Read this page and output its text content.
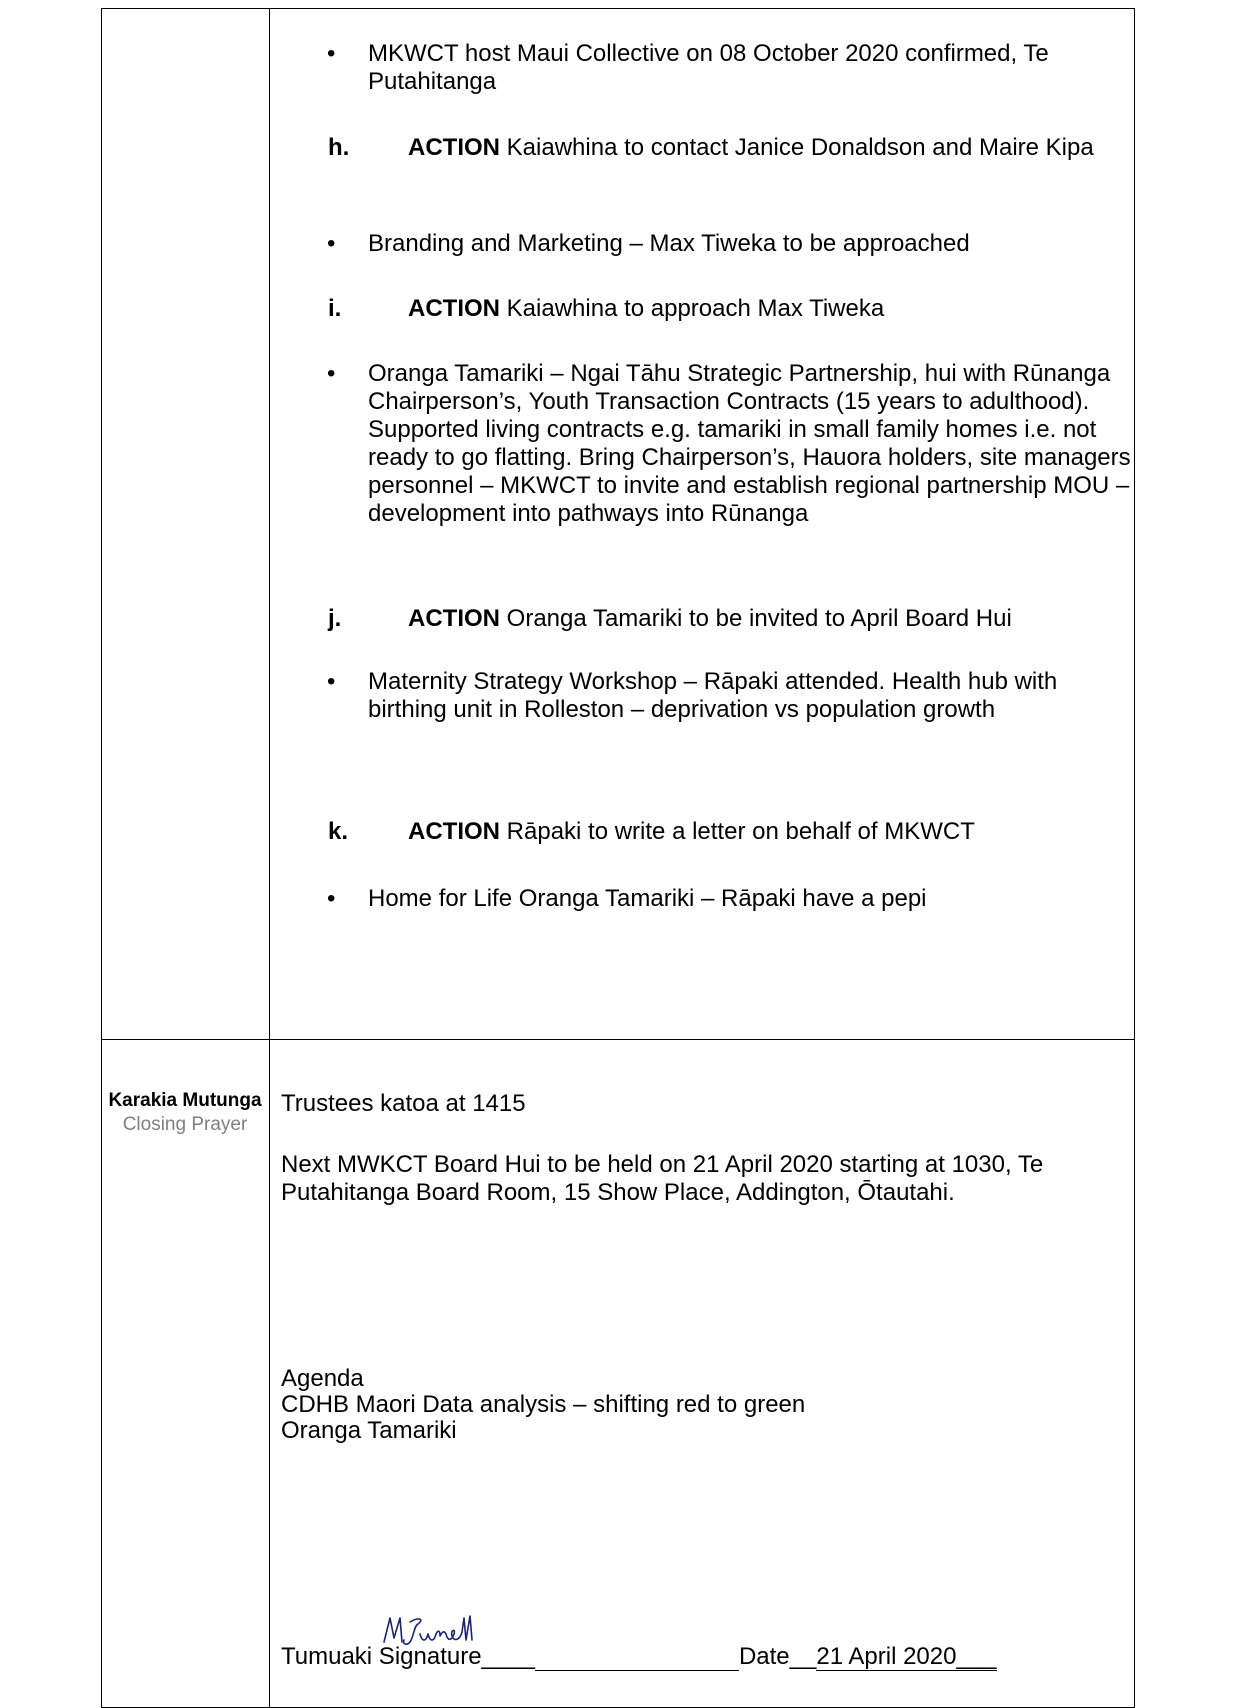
• MKWCT host Maui Collective on 08 October 2020 confirmed, Te Putahitanga
h. ACTION Kaiawhina to contact Janice Donaldson and Maire Kipa
• Branding and Marketing – Max Tiweka to be approached
i.	ACTION Kaiawhina to approach Max Tiweka
• Oranga Tamariki – Ngai Tāhu Strategic Partnership, hui with Rūnanga Chairperson’s, Youth Transaction Contracts (15 years to adulthood). Supported living contracts e.g. tamariki in small family homes i.e. not ready to go flatting. Bring Chairperson’s, Hauora holders, site managers personnel – MKWCT to invite and establish regional partnership MOU – development into pathways into Rūnanga
j.	ACTION Oranga Tamariki to be invited to April Board Hui
• Maternity Strategy Workshop – Rāpaki attended. Health hub with birthing unit in Rolleston – deprivation vs population growth
k. ACTION Rāpaki to write a letter on behalf of MKWCT
• Home for Life Oranga Tamariki – Rāpaki have a pepi
Karakia Mutunga
Closing Prayer
Trustees katoa at 1415
Next MWKCT Board Hui to be held on 21 April 2020 starting at 1030, Te Putahitanga Board Room, 15 Show Place, Addington, Ōtautahi.
Agenda
CDHB Maori Data analysis – shifting red to green
Oranga Tamariki
Tumuaki Signature____	Date__21 April 2020___
